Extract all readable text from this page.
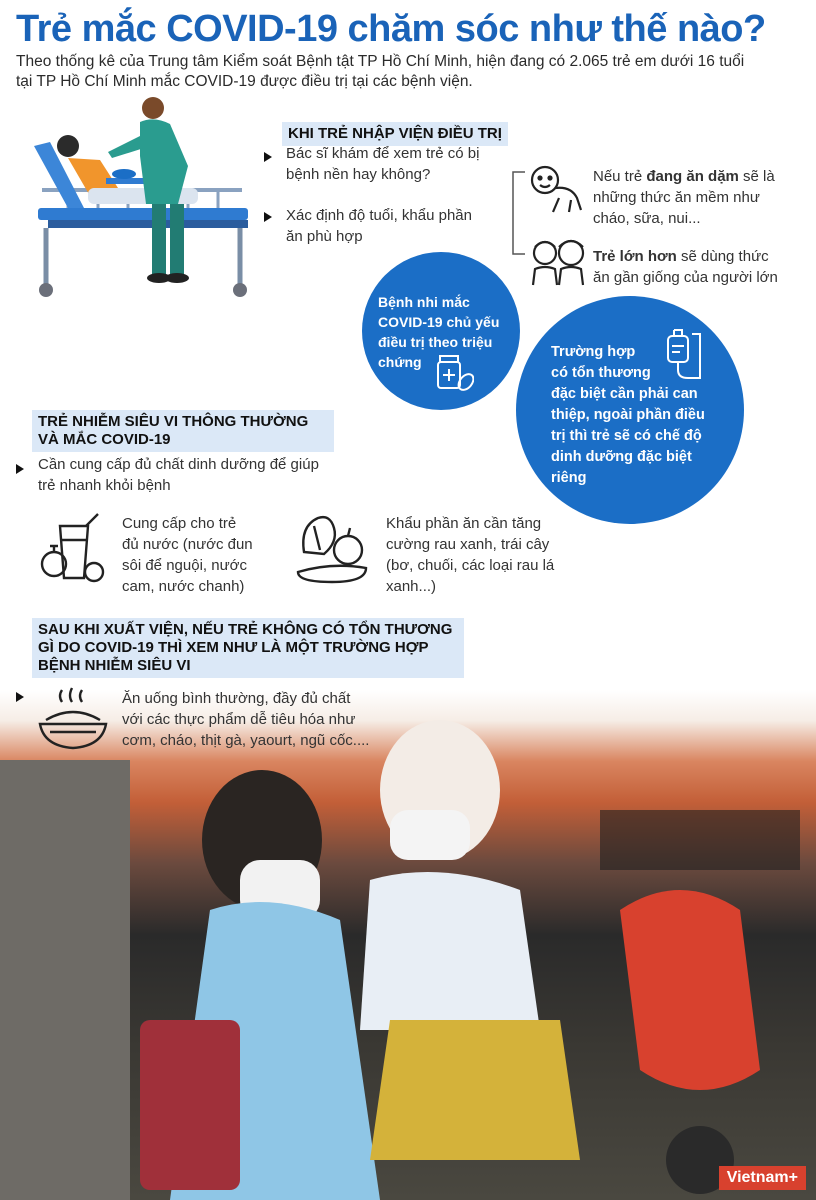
Trẻ mắc COVID-19 chăm sóc như thế nào?
Theo thống kê của Trung tâm Kiểm soát Bệnh tật TP Hồ Chí Minh, hiện đang có 2.065 trẻ em dưới 16 tuổi
tại TP Hồ Chí Minh mắc COVID-19 được điều trị tại các bệnh viện.
KHI TRẺ NHẬP VIỆN ĐIỀU TRỊ
Bác sĩ khám để xem trẻ có bị
bệnh nền hay không?
Xác định độ tuổi, khẩu phần
ăn phù hợp
Nếu trẻ đang ăn dặm sẽ là
những thức ăn mềm như
cháo, sữa, nui...
Trẻ lớn hơn sẽ dùng thức
ăn gần giống của người lớn
Bệnh nhi mắc
COVID-19 chủ yếu
điều trị theo triệu
chứng
Trường hợp
có tổn thương
đặc biệt cần phải can
thiệp, ngoài phần điều
trị thì trẻ sẽ có chế độ
dinh dưỡng đặc biệt
riêng
TRẺ NHIỄM SIÊU VI THÔNG THƯỜNG
VÀ MẮC COVID-19
Cần cung cấp đủ chất dinh dưỡng để giúp
trẻ nhanh khỏi bệnh
Cung cấp cho trẻ
đủ nước (nước đun
sôi để nguội, nước
cam, nước chanh)
Khẩu phần ăn cần tăng
cường rau xanh, trái cây
(bơ, chuối, các loại rau lá
xanh...)
Vietnam+
SAU KHI XUẤT VIỆN, NẾU TRẺ KHÔNG CÓ TỔN THƯƠNG
GÌ DO COVID-19 THÌ XEM NHƯ LÀ MỘT TRƯỜNG HỢP
BỆNH NHIỄM SIÊU VI
Ăn uống bình thường, đầy đủ chất
với các thực phẩm dễ tiêu hóa như
cơm, cháo, thịt gà, yaourt, ngũ cốc....
